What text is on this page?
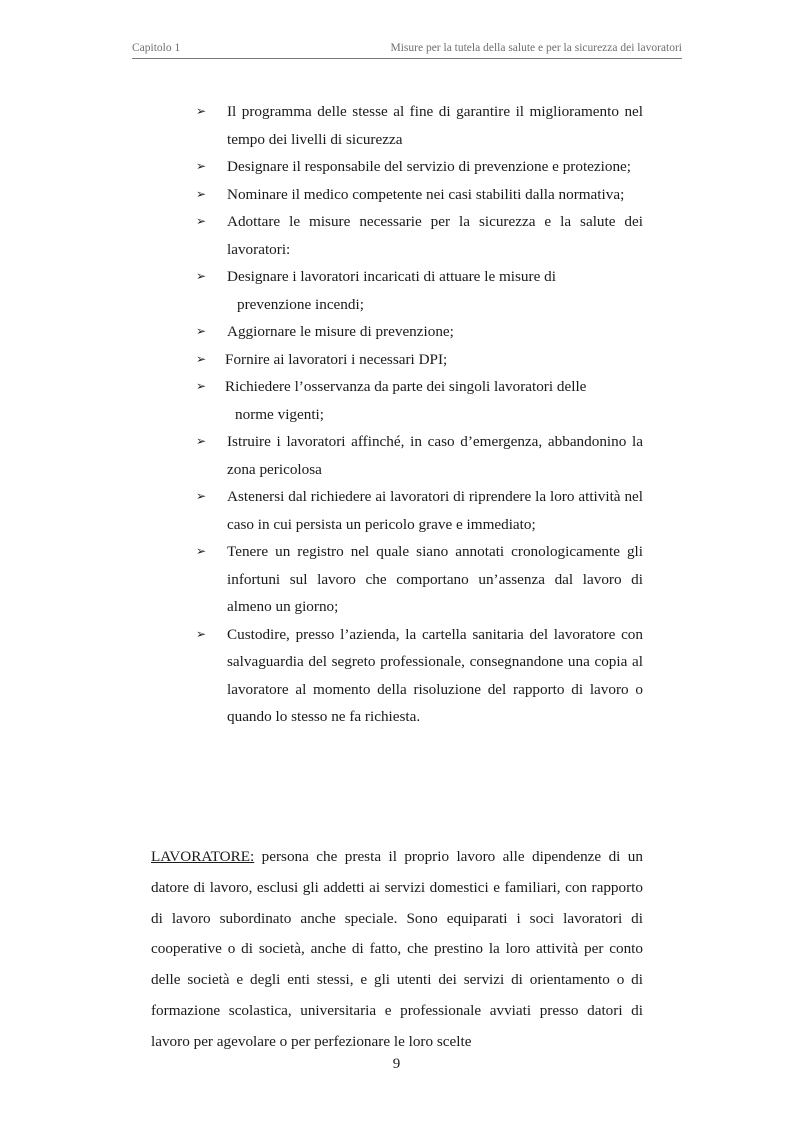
Capitolo 1	Misure per la tutela della salute e per la sicurezza dei lavoratori
➢ Il programma delle stesse al fine di garantire il miglioramento nel tempo dei livelli di sicurezza
➢ Designare il responsabile del servizio di prevenzione e protezione;
➢ Nominare il medico competente nei casi stabiliti dalla normativa;
➢ Adottare le misure necessarie per la sicurezza e la salute dei lavoratori:
➢ Designare i lavoratori incaricati di attuare le misure di
prevenzione incendi;
➢ Aggiornare le misure di prevenzione;
➢ Fornire ai lavoratori i necessari DPI;
➢ Richiedere l’osservanza da parte dei singoli lavoratori delle
norme vigenti;
➢ Istruire i lavoratori affinché, in caso d’emergenza, abbandonino la zona pericolosa
➢ Astenersi dal richiedere ai lavoratori di riprendere la loro attività nel caso in cui persista un pericolo grave e immediato;
➢ Tenere un registro nel quale siano annotati cronologicamente gli infortuni sul lavoro che comportano un’assenza dal lavoro di almeno un giorno;
➢ Custodire, presso l’azienda, la cartella sanitaria del lavoratore con salvaguardia del segreto professionale, consegnandone una copia al lavoratore al momento della risoluzione del rapporto di lavoro o quando lo stesso ne fa richiesta.

LAVORATORE: persona che presta il proprio lavoro alle dipendenze di un datore di lavoro, esclusi gli addetti ai servizi domestici e familiari, con rapporto di lavoro subordinato anche speciale. Sono equiparati i soci lavoratori di cooperative o di società, anche di fatto, che prestino la loro attività per conto delle società e degli enti stessi, e gli utenti dei servizi di orientamento o di formazione scolastica, universitaria e professionale avviati presso datori di lavoro per agevolare o per perfezionare le loro scelte

9
